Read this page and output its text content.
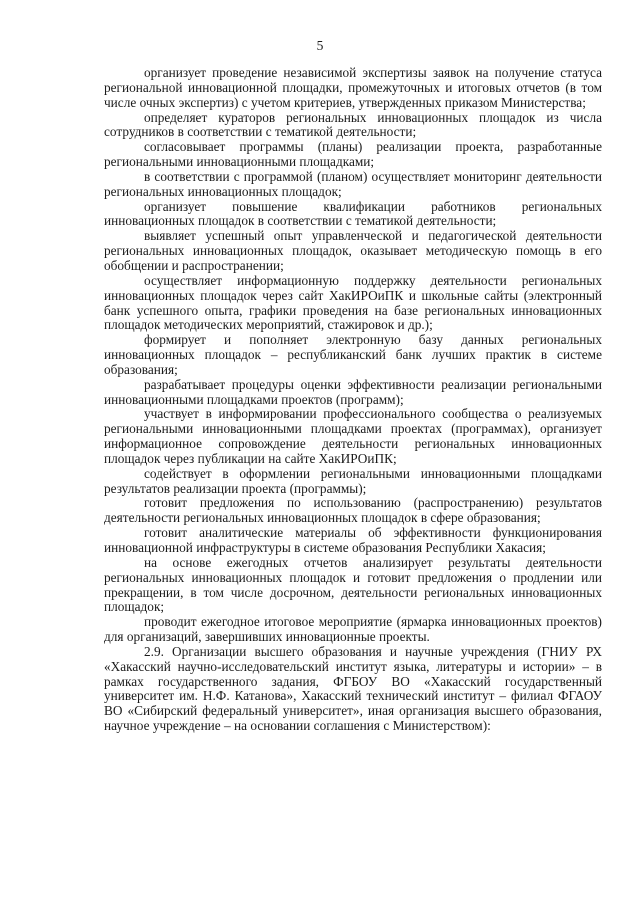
5

организует проведение независимой экспертизы заявок на получение статуса региональной инновационной площадки, промежуточных и итоговых отчетов (в том числе очных экспертиз) с учетом критериев, утвержденных приказом Министерства;

определяет кураторов региональных инновационных площадок из числа сотрудников в соответствии с тематикой деятельности;

согласовывает программы (планы) реализации проекта, разработанные региональными инновационными площадками;

в соответствии с программой (планом) осуществляет мониторинг деятельности региональных инновационных площадок;

организует повышение квалификации работников региональных инновационных площадок в соответствии с тематикой деятельности;

выявляет успешный опыт управленческой и педагогической деятельности региональных инновационных площадок, оказывает методическую помощь в его обобщении и распространении;

осуществляет информационную поддержку деятельности региональных инновационных площадок через сайт ХакИРОиПК и школьные сайты (электронный банк успешного опыта, графики проведения на базе региональных инновационных площадок методических мероприятий, стажировок и др.);

формирует и пополняет электронную базу данных региональных инновационных площадок – республиканский банк лучших практик в системе образования;

разрабатывает процедуры оценки эффективности реализации региональными инновационными площадками проектов (программ);

участвует в информировании профессионального сообщества о реализуемых региональными инновационными площадками проектах (программах), организует информационное сопровождение деятельности региональных инновационных площадок через публикации на сайте ХакИРОиПК;

содействует в оформлении региональными инновационными площадками результатов реализации проекта (программы);

готовит предложения по использованию (распространению) результатов деятельности региональных инновационных площадок в сфере образования;

готовит аналитические материалы об эффективности функционирования инновационной инфраструктуры в системе образования Республики Хакасия;

на основе ежегодных отчетов анализирует результаты деятельности региональных инновационных площадок и готовит предложения о продлении или прекращении, в том числе досрочном, деятельности региональных инновационных площадок;

проводит ежегодное итоговое мероприятие (ярмарка инновационных проектов) для организаций, завершивших инновационные проекты.

2.9. Организации высшего образования и научные учреждения (ГНИУ РХ «Хакасский научно-исследовательский институт языка, литературы и истории» – в рамках государственного задания, ФГБОУ ВО «Хакасский государственный университет им. Н.Ф. Катанова», Хакасский технический институт – филиал ФГАОУ ВО «Сибирский федеральный университет», иная организация высшего образования, научное учреждение – на основании соглашения с Министерством):
